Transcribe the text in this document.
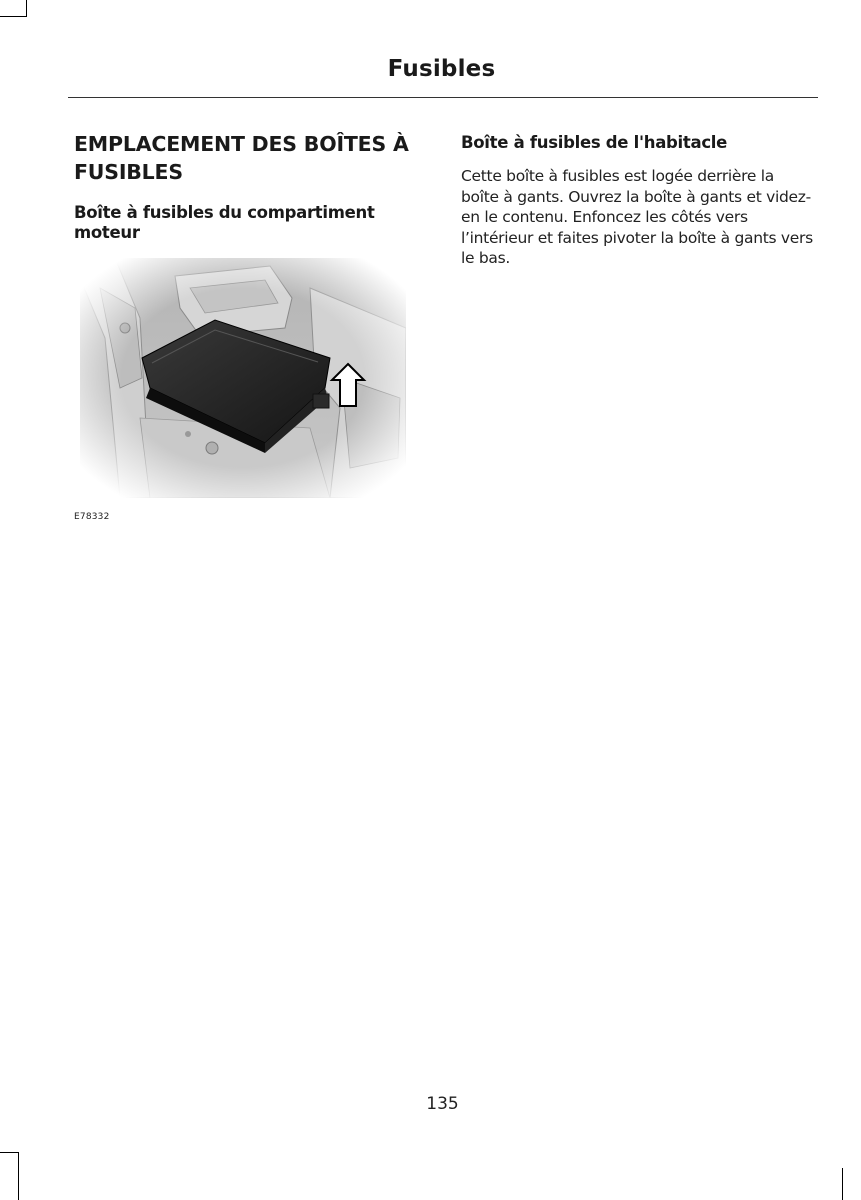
Fusibles
EMPLACEMENT DES BOÎTES À FUSIBLES
Boîte à fusibles du compartiment moteur
E78332
Boîte à fusibles de l'habitacle

Cette boîte à fusibles est logée derrière la boîte à gants. Ouvrez la boîte à gants et videz-en le contenu. Enfoncez les côtés vers l’intérieur et faites pivoter la boîte à gants vers le bas.

135
